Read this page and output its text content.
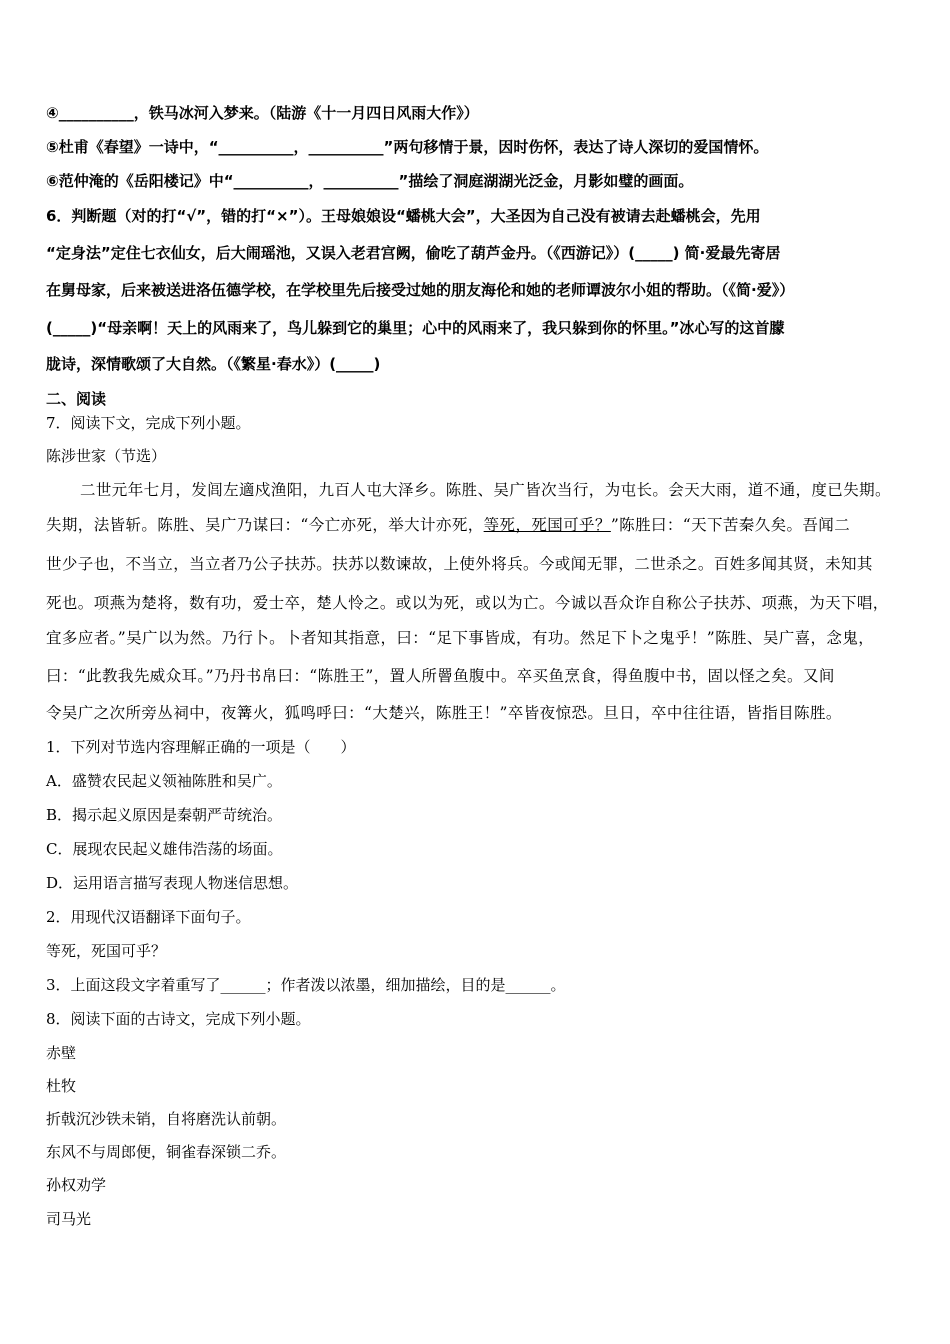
④__________，铁马冰河入梦来。（陆游《十一月四日风雨大作》）
⑤杜甫《春望》一诗中，“__________，__________”两句移情于景，因时伤怀，表达了诗人深切的爱国情怀。
⑥范仲淹的《岳阳楼记》中“__________，__________”描绘了洞庭湖湖光泛金，月影如璧的画面。
6．判断题（对的打“√”，错的打“×”）。王母娘娘设“蟠桃大会”，大圣因为自己没有被请去赴蟠桃会，先用
“定身法”定住七衣仙女，后大闹瑶池，又误入老君宫阙，偷吃了葫芦金丹。（《西游记》）(_____) 简·爱最先寄居
在舅母家，后来被送进洛伍德学校，在学校里先后接受过她的朋友海伦和她的老师谭波尔小姐的帮助。（《简·爱》）
(_____)“母亲啊！天上的风雨来了，鸟儿躲到它的巢里；心中的风雨来了，我只躲到你的怀里。”冰心写的这首朦
胧诗，深情歌颂了大自然。（《繁星·春水》）(_____)
二、阅读
7．阅读下文，完成下列小题。
陈涉世家（节选）
二世元年七月，发闾左適戍渔阳，九百人屯大泽乡。陈胜、吴广皆次当行，为屯长。会天大雨，道不通，度已失期。
失期，法皆斩。陈胜、吴广乃谋曰：“今亡亦死，举大计亦死，等死，死国可乎？”陈胜曰：“天下苦秦久矣。吾闻二
世少子也，不当立，当立者乃公子扶苏。扶苏以数谏故，上使外将兵。今或闻无罪，二世杀之。百姓多闻其贤，未知其
死也。项燕为楚将，数有功，爱士卒，楚人怜之。或以为死，或以为亡。今诚以吾众诈自称公子扶苏、项燕，为天下唱，
宜多应者。”吴广以为然。乃行卜。卜者知其指意，曰：“足下事皆成，有功。然足下卜之鬼乎！”陈胜、吴广喜，念鬼，
曰：“此教我先威众耳。”乃丹书帛曰：“陈胜王”，置人所罾鱼腹中。卒买鱼烹食，得鱼腹中书，固以怪之矣。又间
令吴广之次所旁丛祠中，夜篝火，狐鸣呼曰：“大楚兴，陈胜王！”卒皆夜惊恐。旦日，卒中往往语，皆指目陈胜。
1．下列对节选内容理解正确的一项是（　　）
A．盛赞农民起义领袖陈胜和吴广。
B．揭示起义原因是秦朝严苛统治。
C．展现农民起义雄伟浩荡的场面。
D．运用语言描写表现人物迷信思想。
2．用现代汉语翻译下面句子。
等死，死国可乎？
3．上面这段文字着重写了______；作者泼以浓墨，细加描绘，目的是______。
8．阅读下面的古诗文，完成下列小题。
赤壁
杜牧
折戟沉沙铁未销，自将磨洗认前朝。
东风不与周郎便，铜雀春深锁二乔。
孙权劝学
司马光
